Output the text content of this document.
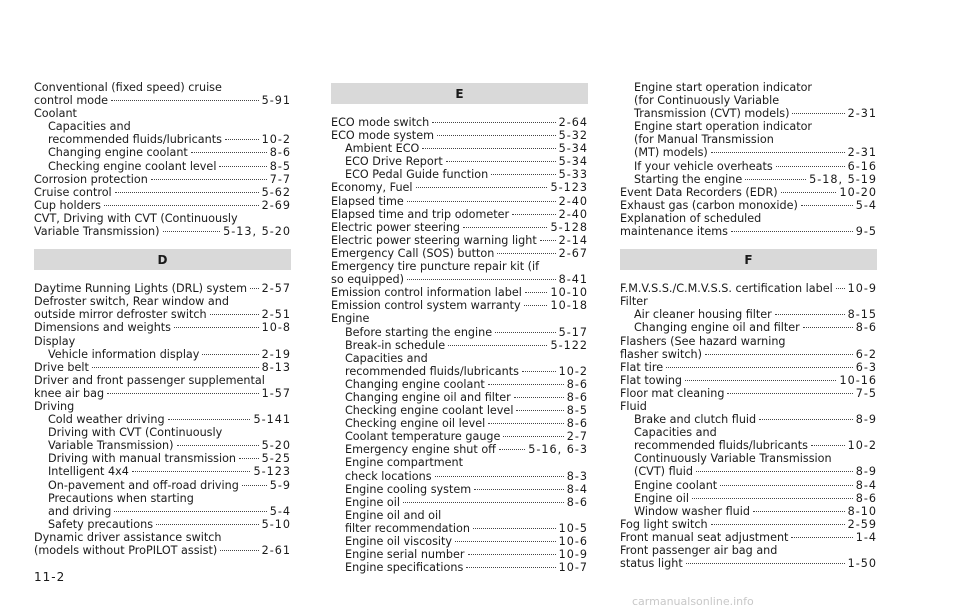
Conventional (fixed speed) cruise
control mode	5-91
Coolant
Capacities and
recommended fluids/lubricants	10-2
Changing engine coolant	8-6
Checking engine coolant level	8-5
Corrosion protection	7-7
Cruise control	5-62
Cup holders	2-69
CVT, Driving with CVT (Continuously
Variable Transmission)	5-13, 5-20
D
Daytime Running Lights (DRL) system 2-57
Defroster switch, Rear window and
outside mirror defroster switch	2-51
Dimensions and weights	10-8
Display
Vehicle information display	2-19
Drive belt	8-13
Driver and front passenger supplemental
knee air bag	1-57
Driving
Cold weather driving	5-141
Driving with CVT (Continuously
Variable Transmission)	5-20
Driving with manual transmission 5-25
Intelligent 4x4	5-123
On-pavement and off-road driving	5-9
Precautions when starting
and driving	5-4
Safety precautions	5-10
Dynamic driver assistance switch
(models without ProPILOT assist)	2-61
E
ECO mode switch	2-64
ECO mode system	5-32
Ambient ECO	5-34
ECO Drive Report	5-34
ECO Pedal Guide function	5-33
Economy, Fuel	5-123
Elapsed time	2-40
Elapsed time and trip odometer	2-40
Electric power steering	5-128
Electric power steering warning light 2-14
Emergency Call (SOS) button	2-67
Emergency tire puncture repair kit (if
so equipped)	8-41
Emission control information label	10-10
Emission control system warranty	10-18
Engine
Before starting the engine	5-17
Break-in schedule	5-122
Capacities and
recommended fluids/lubricants	10-2
Changing engine coolant	8-6
Changing engine oil and filter	8-6
Checking engine coolant level	8-5
Checking engine oil level	8-6
Coolant temperature gauge	2-7
Emergency engine shut off	5-16, 6-3
Engine compartment
check locations	8-3
Engine cooling system	8-4
Engine oil	8-6
Engine oil and oil
filter recommendation	10-5
Engine oil viscosity	10-6
Engine serial number	10-9
Engine specifications	10-7
Engine start operation indicator
(for Continuously Variable
Transmission (CVT) models)	2-31
Engine start operation indicator
(for Manual Transmission
(MT) models)	2-31
If your vehicle overheats	6-16
Starting the engine	5-18, 5-19
Event Data Recorders (EDR)	10-20
Exhaust gas (carbon monoxide)	5-4
Explanation of scheduled
maintenance items	9-5
F
F.M.V.S.S./C.M.V.S.S. certification label 10-9
Filter
Air cleaner housing filter	8-15
Changing engine oil and filter	8-6
Flashers (See hazard warning
flasher switch)	6-2
Flat tire	6-3
Flat towing	10-16
Floor mat cleaning	7-5
Fluid
Brake and clutch fluid	8-9
Capacities and
recommended fluids/lubricants	10-2
Continuously Variable Transmission
(CVT) fluid	8-9
Engine coolant	8-4
Engine oil	8-6
Window washer fluid	8-10
Fog light switch	2-59
Front manual seat adjustment	1-4
Front passenger air bag and
status light	1-50
11-2
carmanualsonline.info
